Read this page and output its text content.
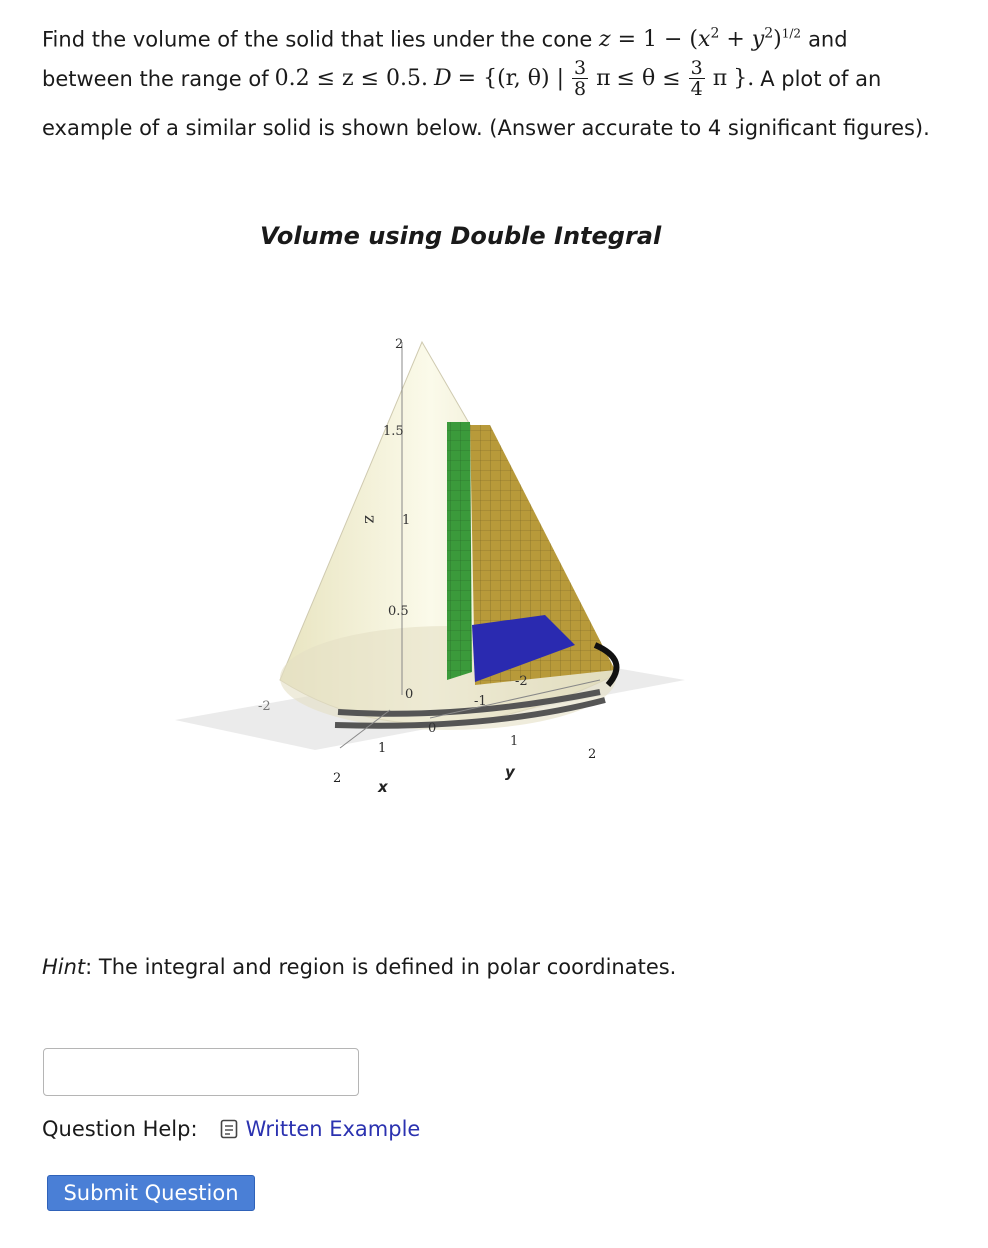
Find the volume of the solid that lies under the cone $z = 1 - (x^2 + y^2)^{1/2}$ and
between the range of 0.2 ≤ z ≤ 0.5. D = {(r, θ) | $\frac{3}{8}$ $\pi \le \theta \le \frac{3}{4}$ π }. A plot of an
example of a similar solid is shown below. (Answer accurate to 4 significant figures).
Volume using Double Integral
2
1.5
1
0.5
0
z
2
1
x
-2
-1
0
1
2
y
-2
Hint: The integral and region is defined in polar coordinates.
Question Help: Written Example
Submit Question
